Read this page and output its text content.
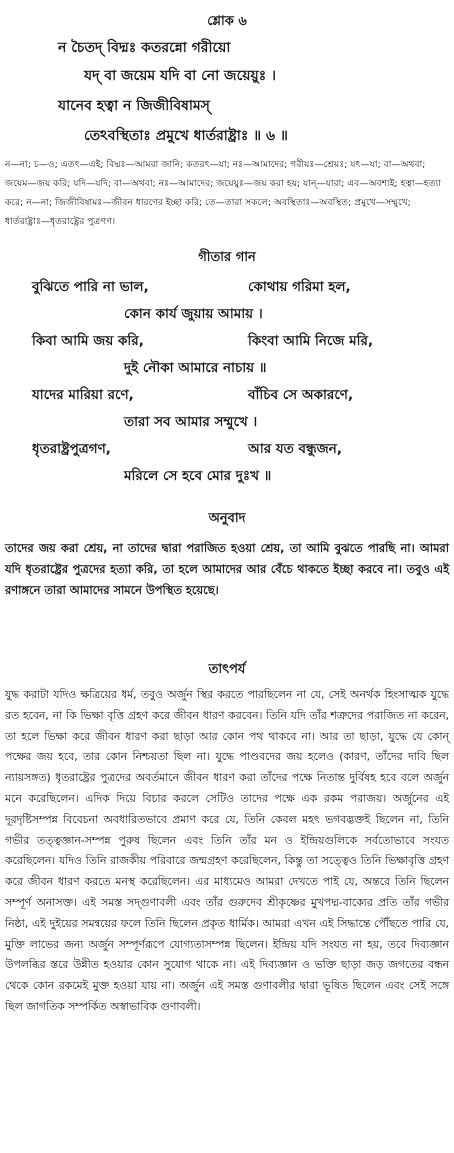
শ্লোক ৬
ন চৈতদ্ বিদ্মঃ কতরন্নো গরীয়ো
যদ্ বা জয়েম যদি বা নো জয়েয়ুঃ ।
যানেব হত্বা ন জিজীবিষামস্
তেঽবস্থিতাঃ প্রমুখে ধার্তরাষ্ট্রাঃ ॥ ৬ ॥

ন—না; চ—ও; এতৎ—এই; বিদ্মঃ—আমরা জানি; কতরৎ—যা; নঃ—আমাদের; গরীয়ঃ—শ্রেয়ঃ; যৎ—যা; বা—অথবা; জয়েম—জয় করি; যদি—যদি; বা—অথবা; নঃ—আমাদের; জয়েয়ুঃ—জয় করা হয়; যান্—যারা; এব—অবশ্যই; হত্বা—হত্যা করে; ন—না; জিজীবিষামঃ—জীবন ধারণের ইচ্ছা করি; তে—তারা সকলে; অবস্থিতাঃ—অবস্থিত; প্রমুখে—সম্মুখে; ধার্তরাষ্ট্রাঃ—ধৃতরাষ্ট্রের পুত্রগণ।

গীতার গান
বুঝিতে পারি না ভাল,	কোথায় গরিমা হল,
কোন কার্য জুয়ায় আমায় ।
কিবা আমি জয় করি,	কিংবা আমি নিজে মরি,
দুই নৌকা আমারে নাচায় ॥
যাদের মারিয়া রণে,	বাঁচিব সে অকারণে,
তারা সব আমার সম্মুখে ।
ধৃতরাষ্ট্রপুত্রগণ,	আর যত বন্ধুজন,
মরিলে সে হবে মোর দুঃখ ॥
অনুবাদ

তাদের জয় করা শ্রেয়, না তাদের দ্বারা পরাজিত হওয়া শ্রেয়, তা আমি বুঝতে পারছি না। আমরা যদি ধৃতরাষ্ট্রের পুত্রদের হত্যা করি, তা হলে আমাদের আর বেঁচে থাকতে ইচ্ছা করবে না। তবুও এই রণাঙ্গনে তারা আমাদের সামনে উপস্থিত হয়েছে।

তাৎপর্য

যুদ্ধ করাটা যদিও ক্ষত্রিয়ের ধর্ম, তবুও অর্জুন স্থির করতে পারছিলেন না যে, সেই অনর্থক হিংসাত্মক যুদ্ধে রত হবেন, না কি ভিক্ষা বৃত্তি গ্রহণ করে জীবন ধারণ করবেন। তিনি যদি তাঁর শত্রুদের পরাজিত না করেন, তা হলে ভিক্ষা করে জীবন ধারণ করা ছাড়া আর কোন পথ থাকবে না। আর তা ছাড়া, যুদ্ধে যে কোন্ পক্ষের জয় হবে, তার কোন নিশ্চয়তা ছিল না। যুদ্ধে পাণ্ডবদের জয় হলেও (কারণ, তাঁদের দাবি ছিল ন্যায়সঙ্গত) ধৃতরাষ্ট্রের পুত্রদের অবর্তমানে জীবন ধারণ করা তাঁদের পক্ষে নিতান্ত দুর্বিষহ হবে বলে অর্জুন মনে করেছিলেন। এদিক দিয়ে বিচার করলে সেটিও তাদের পক্ষে এক রকম পরাজয়। অর্জুনের এই দূরদৃষ্টিসম্পন্ন বিবেচনা অবধারিতভাবে প্রমাণ করে যে, তিনি কেবল মহৎ ভগবদ্ভক্তই ছিলেন না, তিনি গভীর তত্ত্বজ্ঞান-সম্পন্ন পুরুষ ছিলেন এবং তিনি তাঁর মন ও ইন্দ্রিয়গুলিকে সর্বতোভাবে সংযত করেছিলেন। যদিও তিনি রাজকীয় পরিবারে জন্মগ্রহণ করেছিলেন, কিন্তু তা সত্ত্বেও তিনি ভিক্ষাবৃত্তি গ্রহণ করে জীবন ধারণ করতে মনস্থ করেছিলেন। এর মাধ্যমেও আমরা দেখতে পাই যে, অন্তরে তিনি ছিলেন সম্পূর্ণ অনাসক্ত। এই সমস্ত সদ্গুণাবলী এবং তাঁর গুরুদেব শ্রীকৃষ্ণের মুখপদ্ম-বাক্যের প্রতি তাঁর গভীর নিষ্ঠা, এই দুইয়ের সমন্বয়ের ফলে তিনি ছিলেন প্রকৃত ধার্মিক। আমরা এখন এই সিদ্ধান্তে পৌঁছতে পারি যে, মুক্তি লাভের জন্য অর্জুন সম্পূর্ণরূপে যোগ্যতাসম্পন্ন ছিলেন। ইন্দ্রিয় যদি সংযত না হয়, তবে দিব্যজ্ঞান উপলব্ধির স্তরে উন্নীত হওয়ার কোন সুযোগ থাকে না। এই দিব্যজ্ঞান ও ভক্তি ছাড়া জড় জগতের বন্ধন থেকে কোন রকমেই মুক্ত হওয়া যায় না। অর্জুন এই সমস্ত গুণাবলীর দ্বারা ভূষিত ছিলেন এবং সেই সঙ্গে ছিল জাগতিক সম্পর্কিত অস্বাভাবিক গুণাবলী।
